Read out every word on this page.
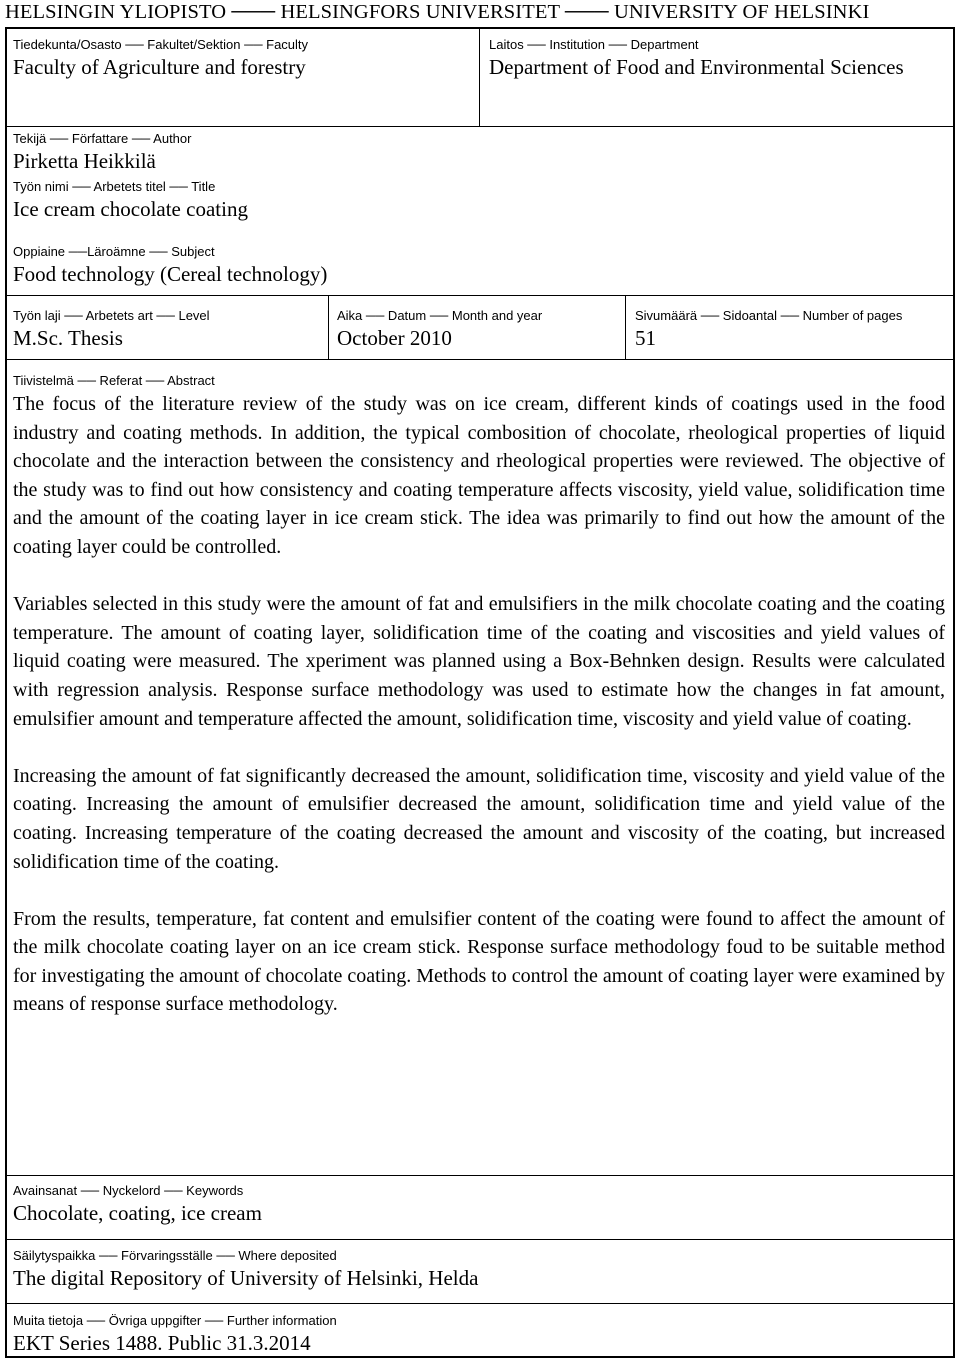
HELSINGIN YLIOPISTO ─── HELSINGFORS UNIVERSITET ─── UNIVERSITY OF HELSINKI
Tiedekunta/Osasto ── Fakultet/Sektion ── Faculty
Faculty of Agriculture and forestry
Laitos ── Institution ── Department
Department of Food and Environmental Sciences
Tekijä ── Författare ── Author
Pirketta Heikkilä
Työn nimi ── Arbetets titel ── Title
Ice cream chocolate coating
Oppiaine ──Läroämne ── Subject
Food technology (Cereal technology)
Työn laji ── Arbetets art ── Level
M.Sc. Thesis
Aika ── Datum ── Month and year
October 2010
Sivumäärä ── Sidoantal ── Number of pages
51
Tiivistelmä ── Referat ── Abstract

The focus of the literature review of the study was on ice cream, different kinds of coatings used in the food industry and coating methods. In addition, the typical combosition of chocolate, rheological properties of liquid chocolate and the interaction between the consistency and rheological properties were reviewed. The objective of the study was to find out how consistency and coating temperature affects viscosity, yield value, solidification time and the amount of the coating layer in ice cream stick. The idea was primarily to find out how the amount of the coating layer could be controlled.

Variables selected in this study were the amount of fat and emulsifiers in the milk chocolate coating and the coating temperature. The amount of coating layer, solidification time of the coating and viscosities and yield values of liquid coating were measured. The xperiment was planned using a Box-Behnken design. Results were calculated with regression analysis. Response surface methodology was used to estimate how the changes in fat amount, emulsifier amount and temperature affected the amount, solidification time, viscosity and yield value of coating.

Increasing the amount of fat significantly decreased the amount, solidification time, viscosity and yield value of the coating. Increasing the amount of emulsifier decreased the amount, solidification time and yield value of the coating. Increasing temperature of the coating decreased the amount and viscosity of the coating, but increased solidification time of the coating.

From the results, temperature, fat content and emulsifier content of the coating were found to affect the amount of the milk chocolate coating layer on an ice cream stick. Response surface methodology foud to be suitable method for investigating the amount of chocolate coating. Methods to control the amount of coating layer were examined by means of response surface methodology.

Avainsanat ── Nyckelord ── Keywords
Chocolate, coating, ice cream
Säilytyspaikka ── Förvaringsställe ── Where deposited
The digital Repository of University of Helsinki, Helda
Muita tietoja ── Övriga uppgifter ── Further information
EKT Series 1488. Public 31.3.2014
